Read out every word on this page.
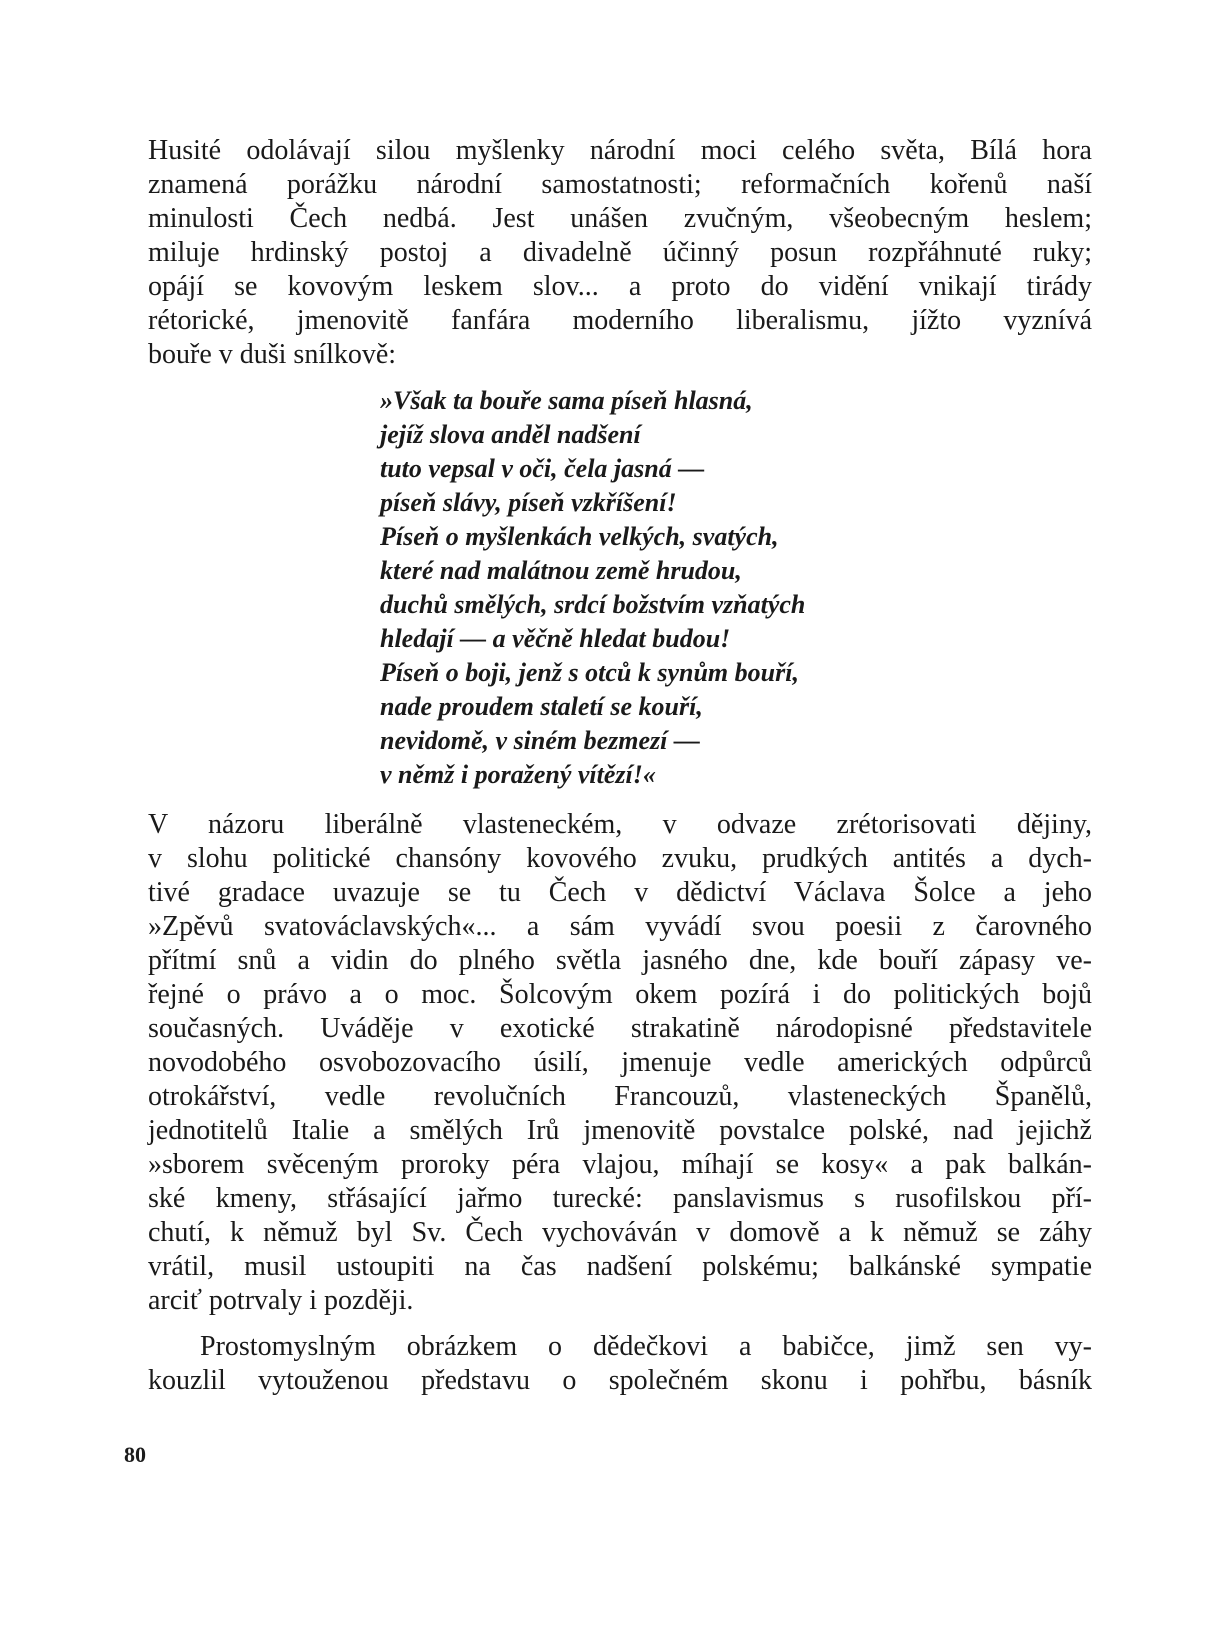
Husité odolávají silou myšlenky národní moci celého světa, Bílá hora
znamená porážku národní samostatnosti; reformačních kořenů naší
minulosti Čech nedbá. Jest unášen zvučným, všeobecným heslem;
miluje hrdinský postoj a divadelně účinný posun rozpřáhnuté ruky;
opájí se kovovým leskem slov... a proto do vidění vnikají tirády
rétorické, jmenovitě fanfára moderního liberalismu, jížto vyznívá
bouře v duši snílkově:
»Však ta bouře sama píseň hlasná,
jejíž slova anděl nadšení
tuto vepsal v oči, čela jasná —
píseň slávy, píseň vzkříšení!
Píseň o myšlenkách velkých, svatých,
které nad malátnou země hrudou,
duchů smělých, srdcí božstvím vzňatých
hledají — a věčně hledat budou!
Píseň o boji, jenž s otců k synům bouří,
nade proudem staletí se kouří,
nevidomě, v siném bezmezí —
v němž i poražený vítězí!«
V názoru liberálně vlasteneckém, v odvaze zrétorisovati dějiny,
v slohu politické chansóny kovového zvuku, prudkých antités a dych-
tivé gradace uvazuje se tu Čech v dědictví Václava Šolce a jeho
»Zpěvů svatováclavských«... a sám vyvádí svou poesii z čarovného
přítmí snů a vidin do plného světla jasného dne, kde bouří zápasy ve-
řejné o právo a o moc. Šolcovým okem pozírá i do politických bojů
současných. Uváděje v exotické strakatině národopisné představitele
novodobého osvobozovacího úsilí, jmenuje vedle amerických odpůrců
otrokářství, vedle revolučních Francouzů, vlasteneckých Španělů,
jednotitelů Italie a smělých Irů jmenovitě povstalce polské, nad jejichž
»sborem svěceným proroky péra vlajou, míhají se kosy« a pak balkán-
ské kmeny, střásající jařmo turecké: panslavismus s rusofilskou pří-
chutí, k němuž byl Sv. Čech vychováván v domově a k němuž se záhy
vrátil, musil ustoupiti na čas nadšení polskému; balkánské sympatie
arciť potrvaly i později.
Prostomyslným obrázkem o dědečkovi a babičce, jimž sen vy-
kouzlil vytouženou představu o společném skonu i pohřbu, básník
80
